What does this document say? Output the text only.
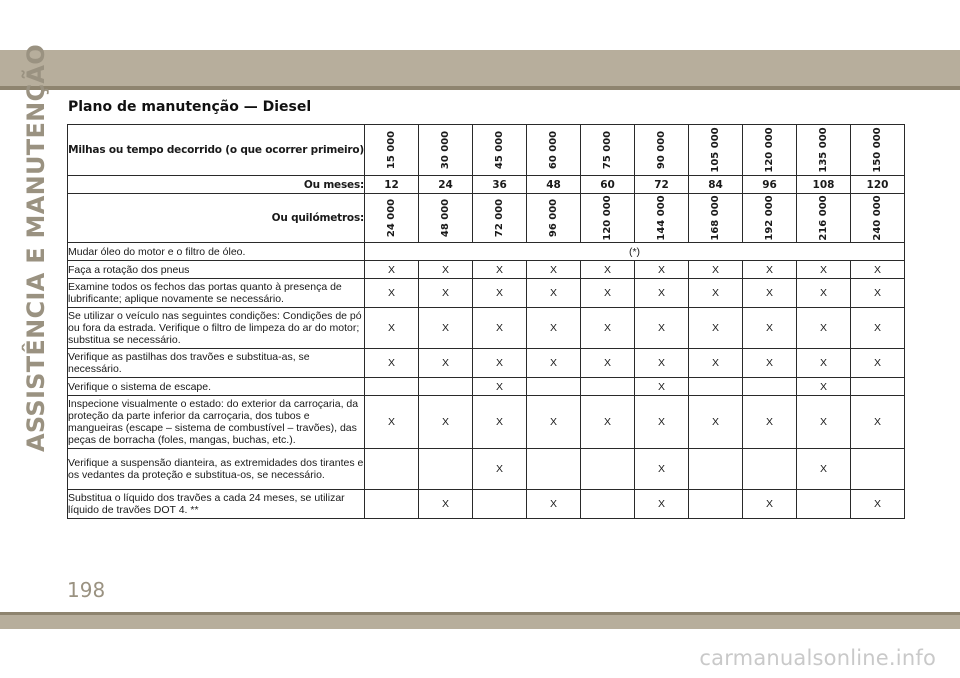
ASSISTÊNCIA E MANUTENÇÃO Plano de manutenção — Diesel
Milhas ou tempo decorrido (o que ocorrer primeiro)	15 000	30 000	45 000	60 000	75 000	90 000	105 000	120 000	135 000	150 000

Ou meses:	12	24	36	48	60	72	84	96	108	120
Ou quilómetros:	24 000	48 000	72 000	96 000	120 000	144 000	168 000	192 000	216 000	240 000

Mudar óleo do motor e o filtro de óleo.	(*)									
Faça a rotação dos pneus	X	X	X	X	X	X	X	X	X	X
Examine todos os fechos das portas quanto à presença de lubrificante; aplique novamente se necessário.	X	X	X	X	X	X	X	X	X	X
Se utilizar o veículo nas seguintes condições: Condições de pó ou fora da estrada. Verifique o filtro de limpeza do ar do motor; substitua se necessário.	X	X	X	X	X	X	X	X	X	X
Verifique as pastilhas dos travões e substitua-as, se necessário.	X	X	X	X	X	X	X	X	X	X
Verifique o sistema de escape.			X			X			X	
Inspecione visualmente o estado: do exterior da carroçaria, da proteção da parte inferior da carroçaria, dos tubos e mangueiras (escape – sistema de combustível – travões), das peças de borracha (foles, mangas, buchas, etc.).	X	X	X	X	X	X	X	X	X	X
Verifique a suspensão dianteira, as extremidades dos tirantes e os vedantes da proteção e substitua-os, se necessário.			X			X			X	
Substitua o líquido dos travões a cada 24 meses, se utilizar líquido de travões DOT 4. **		X		X		X		X		X
198
carmanualsonline.info
